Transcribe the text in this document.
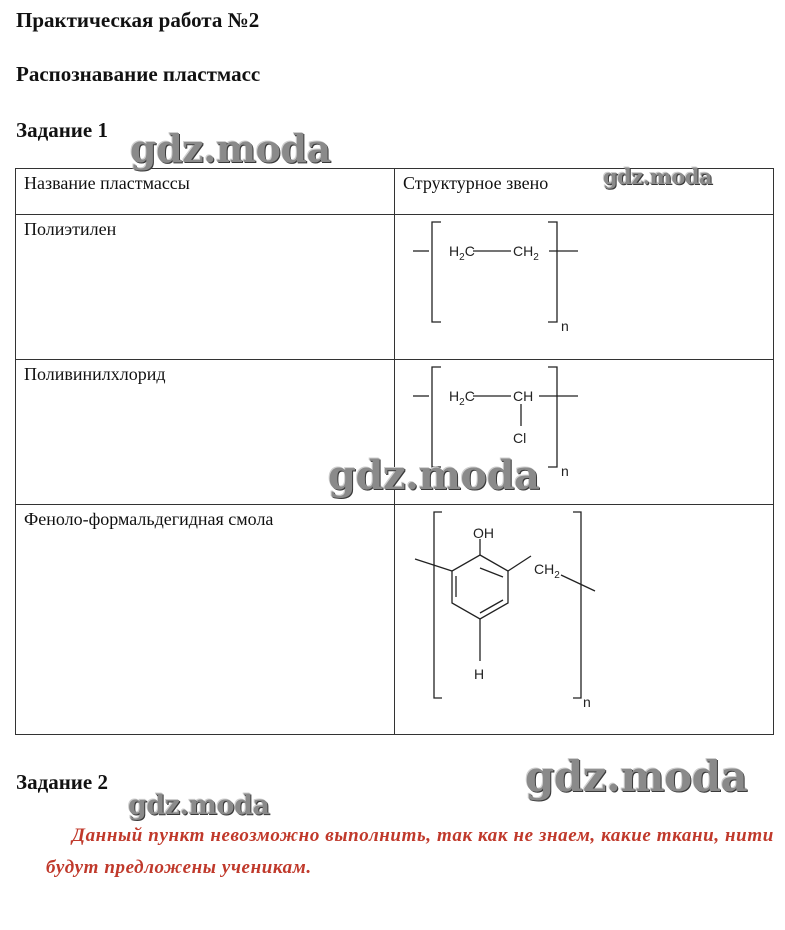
Практическая работа №2
Распознавание пластмасс
Задание 1
Название пластмассы	Структурное звено
Полиэтилен	$H_2C$ $CH_2$
n

Поливинилхлорид	$H_2C$ CH
Cl
n

Феноло-формальдегидная смола	OH
$CH_2$
H
n
Задание 2

Данный пункт невозможно выполнить, так как не знаем, какие ткани, нити будут предложены ученикам.

gdz.moda
gdz.moda
gdz.moda
gdz.moda
gdz.moda
